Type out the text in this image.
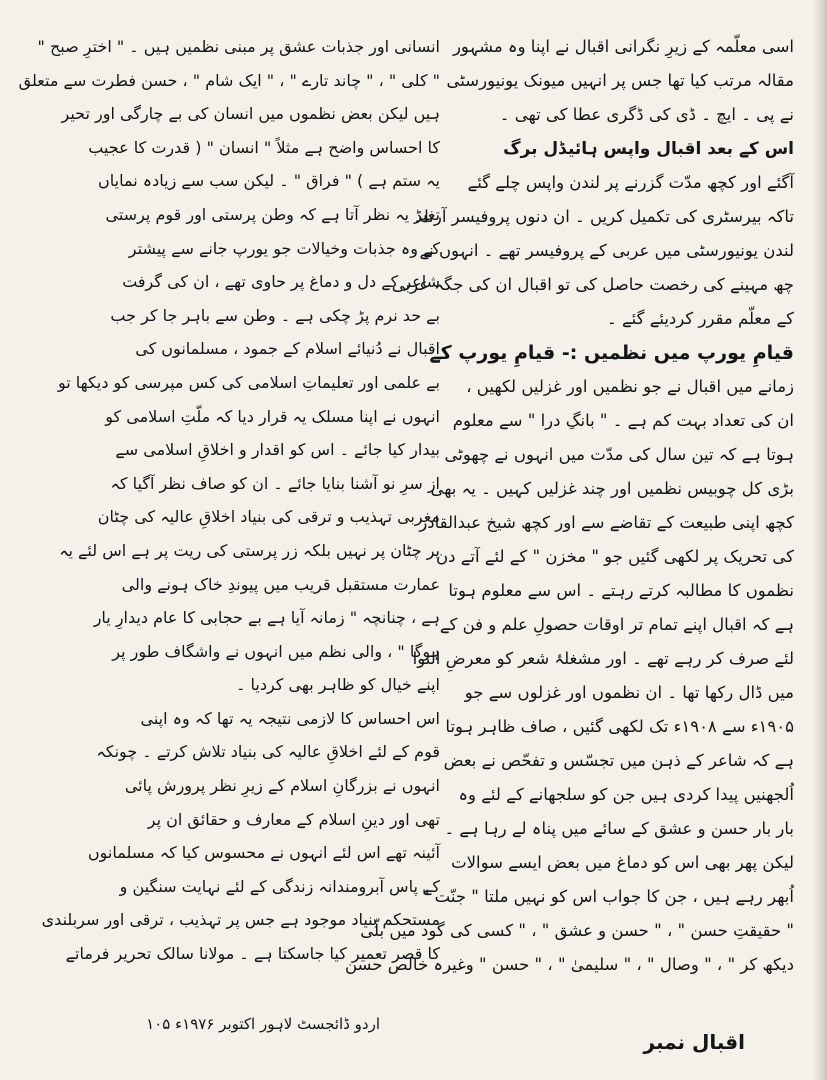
اسی معلّمہ کے زیرِ نگرانی اقبال نے اپنا وہ مشہور
مقالہ مرتب کیا تھا جس پر انہیں میونک یونیورسٹی
نے پی ۔ ایچ ۔ ڈی کی ڈگری عطا کی تھی ۔
اس کے بعد اقبال واپس ہائیڈل برگ
آگئے اور کچھ مدّت گزرنے پر لندن واپس چلے گئے
تاکہ بیرسٹری کی تکمیل کریں ۔ ان دنوں پروفیسر آرنلڈ
لندن یونیورسٹی میں عربی کے پروفیسر تھے ۔ انہوں نے
چھ مہینے کی رخصت حاصل کی تو اقبال ان کی جگہ عربی
کے معلّم مقرر کردیئے گئے ۔
قیامِ یورپ میں نظمیں :- قیامِ یورپ کے
زمانے میں اقبال نے جو نظمیں اور غزلیں لکھیں ،
ان کی تعداد بہت کم ہے ۔ " بانگِ درا " سے معلوم
ہوتا ہے کہ تین سال کی مدّت میں انہوں نے چھوٹی
بڑی کل چوبیس نظمیں اور چند غزلیں کہیں ۔ یہ بھی
کچھ اپنی طبیعت کے تقاضے سے اور کچھ شیخ عبدالقادر
کی تحریک پر لکھی گئیں جو " مخزن " کے لئے آتے دن
نظموں کا مطالبہ کرتے رہتے ۔ اس سے معلوم ہوتا
ہے کہ اقبال اپنے تمام تر اوقات حصولِ علم و فن کے
لئے صرف کر رہے تھے ۔ اور مشغلۂ شعر کو معرضِ التوا
میں ڈال رکھا تھا ۔ ان نظموں اور غزلوں سے جو
۱۹۰۵ء سے ۱۹۰۸ء تک لکھی گئیں ، صاف ظاہر ہوتا
ہے کہ شاعر کے ذہن میں تجسّس و تفحّص نے بعض
اُلجھنیں پیدا کردی ہیں جن کو سلجھانے کے لئے وہ
بار بار حسن و عشق کے سائے میں پناہ لے رہا ہے ۔
لیکن پھر بھی اس کو دماغ میں بعض ایسے سوالات
اُبھر رہے ہیں ، جن کا جواب اس کو نہیں ملتا " جنّت "
" حقیقتِ حسن " ، " حسن و عشق " ، " کسی کی گود میں بلّی
دیکھ کر " ، " وصال " ، " سلیمیٰ " ، " حسن " وغیرہ خالص حسن
انسانی اور جذبات عشق پر مبنی نظمیں ہیں ۔ " اخترِ صبح "
" کلی " ، " چاند تارے " ، " ایک شام " ، حسن فطرت سے متعلق
ہیں لیکن بعض نظموں میں انسان کی بے چارگی اور تحیر
کا احساس واضح ہے مثلاً " انسان " ( قدرت کا عجیب
یہ ستم ہے ) " فراق " ۔ لیکن سب سے زیادہ نمایاں
تغیر یہ نظر آتا ہے کہ وطن پرستی اور قوم پرستی
کے وہ جذبات وخیالات جو یورپ جانے سے پیشتر
شاعر کے دل و دماغ پر حاوی تھے ، ان کی گرفت
بے حد نرم پڑ چکی ہے ۔ وطن سے باہر جا کر جب
اقبال نے دُنیائے اسلام کے جمود ، مسلمانوں کی
بے علمی اور تعلیماتِ اسلامی کی کس مپرسی کو دیکھا تو
انہوں نے اپنا مسلک یہ قرار دیا کہ ملّتِ اسلامی کو
بیدار کیا جائے ۔ اس کو اقدار و اخلاقِ اسلامی سے
از سرِ نو آشنا بنایا جائے ۔ ان کو صاف نظر آگیا کہ
مغربی تہذیب و ترقی کی بنیاد اخلاقِ عالیہ کی چٹان
پر چٹان پر نہیں بلکہ زر پرستی کی ریت پر ہے اس لئے یہ
عمارت مستقبل قریب میں پیوندِ خاک ہونے والی
ہے ، چنانچہ " زمانہ آیا ہے بے حجابی کا عام دیدارِ یار
ہوگا " ، والی نظم میں انہوں نے واشگاف طور پر
اپنے خیال کو ظاہر بھی کردیا ۔
اس احساس کا لازمی نتیجہ یہ تھا کہ وہ اپنی
قوم کے لئے اخلاقِ عالیہ کی بنیاد تلاش کرتے ۔ چونکہ
انہوں نے بزرگانِ اسلام کے زیرِ نظر پرورش پائی
تھی اور دینِ اسلام کے معارف و حقائق ان پر
آئینہ تھے اس لئے انہوں نے محسوس کیا کہ مسلمانوں
کے پاس آبرومندانہ زندگی کے لئے نہایت سنگین و
مستحکم بنیاد موجود ہے جس پر تہذیب ، ترقی اور سربلندی
کا قصر تعمیر کیا جاسکتا ہے ۔ مولانا سالک تحریر فرماتے
اردو ڈائجسٹ لاہور اکتوبر ۱۹۷۶ء ۱۰۵
اقبال نمبر
